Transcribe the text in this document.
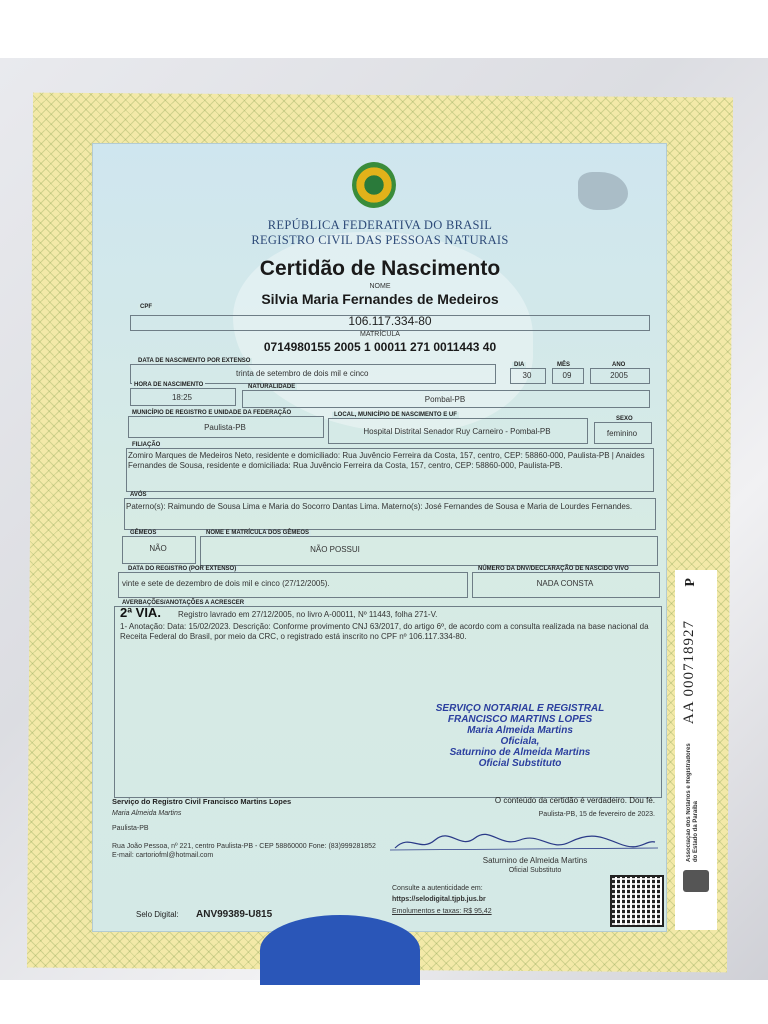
REPÚBLICA FEDERATIVA DO BRASIL
REGISTRO CIVIL DAS PESSOAS NATURAIS
Certidão de Nascimento
NOME
Silvia Maria Fernandes de Medeiros
CPF
106.117.334-80
MATRÍCULA
0714980155 2005 1 00011 271 0011443 40
DATA DE NASCIMENTO POR EXTENSO
trinta de setembro de dois mil e cinco
DIA
30
MÊS
09
ANO
2005
HORA DE NASCIMENTO
18:25
NATURALIDADE
Pombal-PB
MUNICÍPIO DE REGISTRO E UNIDADE DA FEDERAÇÃO
Paulista-PB
LOCAL, MUNICÍPIO DE NASCIMENTO E UF
Hospital Distrital Senador Ruy Carneiro - Pombal-PB
SEXO
feminino
FILIAÇÃO
Zomiro Marques de Medeiros Neto, residente e domiciliado: Rua Juvêncio Ferreira da Costa, 157, centro, CEP: 58860-000, Paulista-PB | Anaides Fernandes de Sousa, residente e domiciliada: Rua Juvêncio Ferreira da Costa, 157, centro, CEP: 58860-000, Paulista-PB.
AVÓS
Paterno(s): Raimundo de Sousa Lima e Maria do Socorro Dantas Lima. Materno(s): José Fernandes de Sousa e Maria de Lourdes Fernandes.
GÊMEOS
NÃO
NOME E MATRÍCULA DOS GÊMEOS
NÃO POSSUI
DATA DO REGISTRO (POR EXTENSO)
vinte e sete de dezembro de dois mil e cinco (27/12/2005).
NÚMERO DA DNV/DECLARAÇÃO DE NASCIDO VIVO
NADA CONSTA
AVERBAÇÕES/ANOTAÇÕES A ACRESCER
2ª VIA. Registro lavrado em 27/12/2005, no livro A-00011, Nº 11443, folha 271-V.
1- Anotação: Data: 15/02/2023. Descrição: Conforme provimento CNJ 63/2017, do artigo 6º, de acordo com a consulta realizada na base nacional da Receita Federal do Brasil, por meio da CRC, o registrado está inscrito no CPF nº 106.117.334-80.
SERVIÇO NOTARIAL E REGISTRAL
FRANCISCO MARTINS LOPES
Maria Almeida Martins
Oficiala,
Saturnino de Almeida Martins
Oficial Substituto
Serviço do Registro Civil Francisco Martins Lopes
Maria Almeida Martins
Paulista-PB
Rua João Pessoa, nº 221, centro Paulista-PB - CEP 58860000 Fone: (83)999281852 E-mail: cartoriofml@hotmail.com
O conteúdo da certidão é verdadeiro. Dou fé.
Paulista-PB, 15 de fevereiro de 2023.
Saturnino de Almeida Martins
Oficial Substituto
Consulte a autenticidade em:
https://selodigital.tjpb.jus.br
Emolumentos e taxas: R$ 95,42
Selo Digital: ANV99389-U815
AA 000718927
P
Associação dos Notários e Registradores do Estado da Paraíba
